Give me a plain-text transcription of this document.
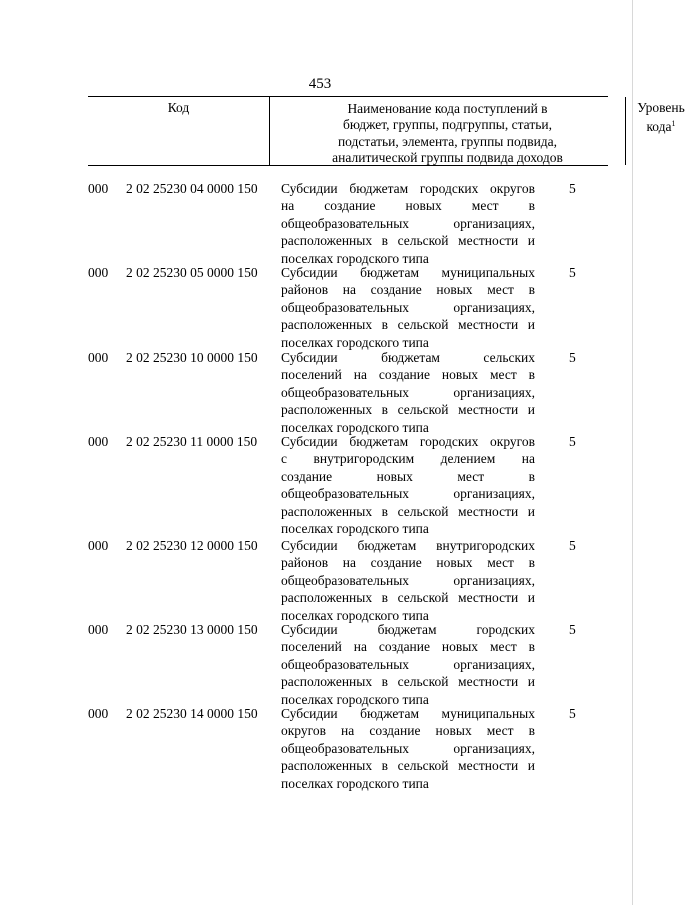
453
Код	Наименование кода поступлений в
бюджет, группы, подгруппы, статьи,
подстатьи, элемента, группы подвида,
аналитической группы подвида доходов
Уровень
кода$^1$
000 2 02 25230 04 0000 150 Субсидии бюджетам городских округов
на создание новых мест в
общеобразовательных организациях,
расположенных в сельской местности и
поселках городского типа
5
000 2 02 25230 05 0000 150 Субсидии бюджетам муниципальных
районов на создание новых мест в
общеобразовательных организациях,
расположенных в сельской местности и
поселках городского типа
5
000 2 02 25230 10 0000 150 Субсидии бюджетам сельских
поселений на создание новых мест в
общеобразовательных организациях,
расположенных в сельской местности и
поселках городского типа
5
000 2 02 25230 11 0000 150 Субсидии бюджетам городских округов
с внутригородским делением на
создание новых мест в
общеобразовательных организациях,
расположенных в сельской местности и
поселках городского типа
5
000 2 02 25230 12 0000 150 Субсидии бюджетам внутригородских
районов на создание новых мест в
общеобразовательных организациях,
расположенных в сельской местности и
поселках городского типа
5
000 2 02 25230 13 0000 150 Субсидии бюджетам городских
поселений на создание новых мест в
общеобразовательных организациях,
расположенных в сельской местности и
поселках городского типа
5
000 2 02 25230 14 0000 150 Субсидии бюджетам муниципальных
округов на создание новых мест в
общеобразовательных организациях,
расположенных в сельской местности и
поселках городского типа
5
